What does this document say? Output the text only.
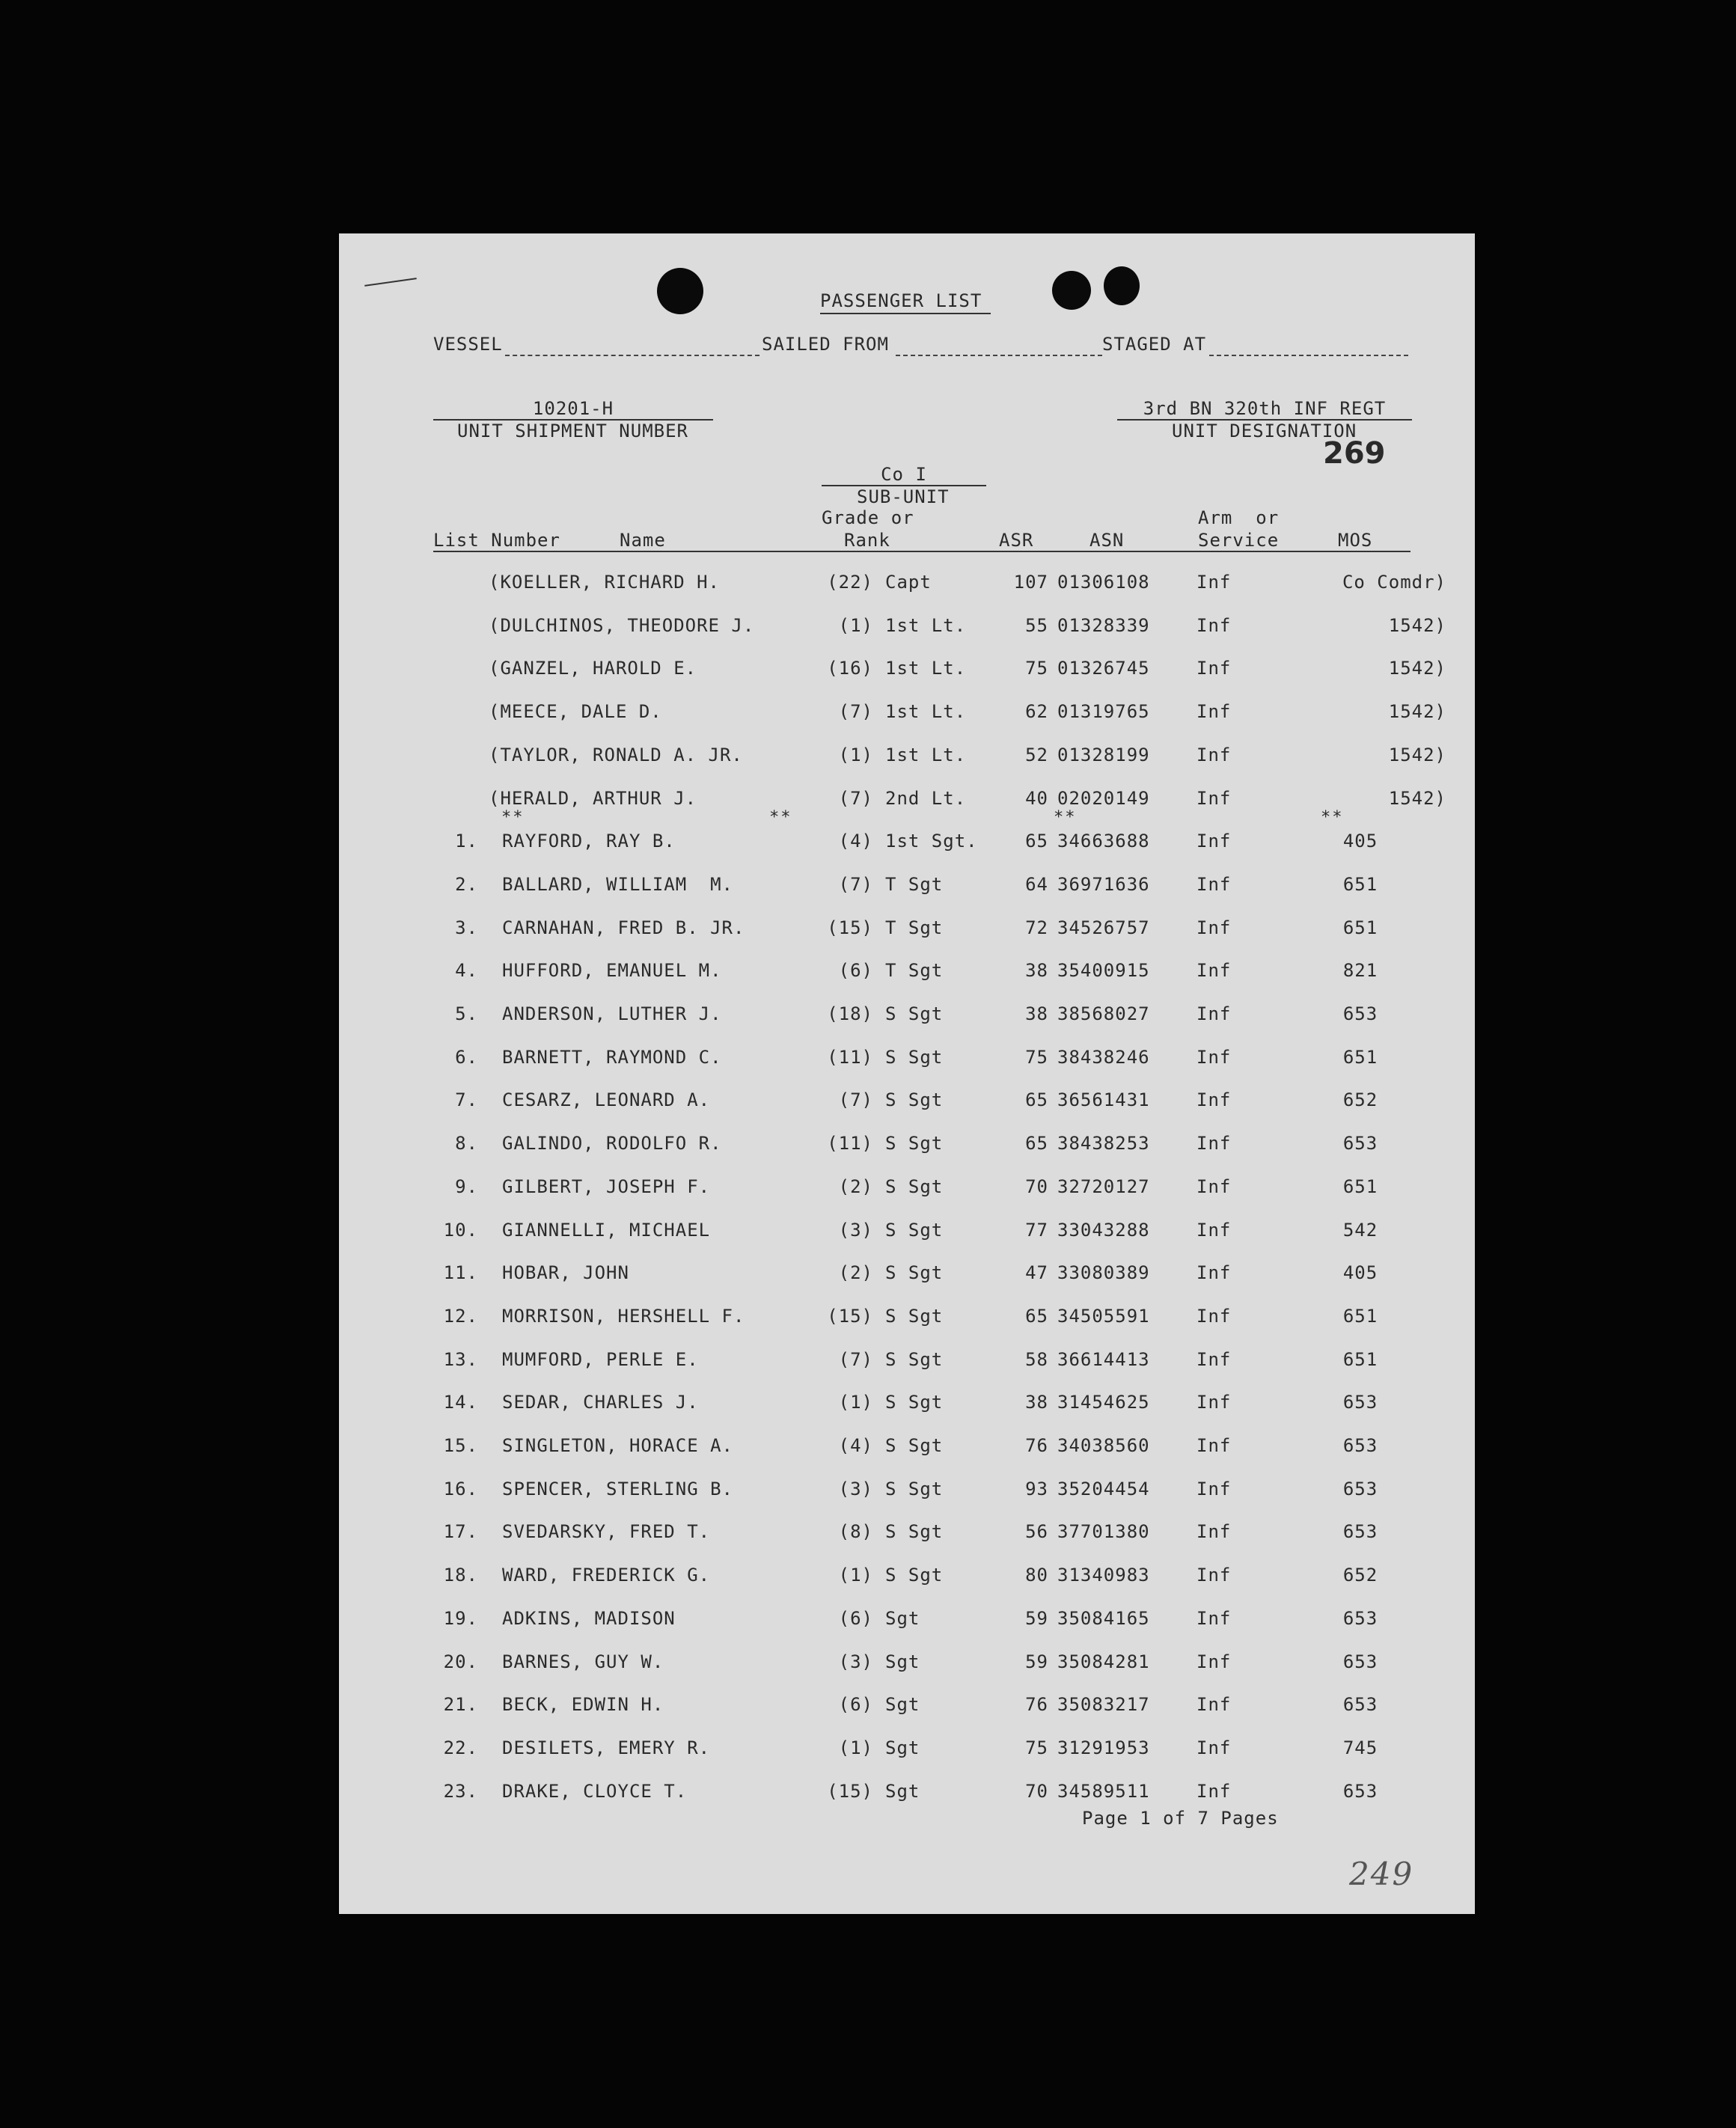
PASSENGER LIST
VESSEL	SAILED FROM	STAGED AT
10201-H
UNIT SHIPMENT NUMBER
3rd BN 320th INF REGT
UNIT DESIGNATION
269
Co I
SUB-UNIT
List Number	Name
Grade or
Rank	ASR	ASN
Arm  or
Service	MOS
(KOELLER, RICHARD H.	(22) Capt	107 01306108	Inf	Co Comdr)
(DULCHINOS, THEODORE J.	(1) 1st Lt.	55 01328339	Inf	1542)
(GANZEL, HAROLD E.	(16) 1st Lt.	75 01326745	Inf	1542)
(MEECE, DALE D.	(7) 1st Lt.	62 01319765	Inf	1542)
(TAYLOR, RONALD A. JR.	(1) 1st Lt.	52 01328199	Inf	1542)
(HERALD, ARTHUR J.	(7) 2nd Lt.	40 02020149	Inf	1542)
1. RAYFORD, RAY B.	(4) 1st Sgt.	65 34663688	Inf	405
2. BALLARD, WILLIAM  M.	(7) T Sgt	64 36971636	Inf	651
3. CARNAHAN, FRED B. JR.	(15) T Sgt	72 34526757	Inf	651
4. HUFFORD, EMANUEL M.	(6) T Sgt	38 35400915	Inf	821
5. ANDERSON, LUTHER J.	(18) S Sgt	38 38568027	Inf	653
6. BARNETT, RAYMOND C.	(11) S Sgt	75 38438246	Inf	651
7. CESARZ, LEONARD A.	(7) S Sgt	65 36561431	Inf	652
8. GALINDO, RODOLFO R.	(11) S Sgt	65 38438253	Inf	653
9. GILBERT, JOSEPH F.	(2) S Sgt	70 32720127	Inf	651
10. GIANNELLI, MICHAEL	(3) S Sgt	77 33043288	Inf	542
11. HOBAR, JOHN	(2) S Sgt	47 33080389	Inf	405
12. MORRISON, HERSHELL F.	(15) S Sgt	65 34505591	Inf	651
13. MUMFORD, PERLE E.	(7) S Sgt	58 36614413	Inf	651
14. SEDAR, CHARLES J.	(1) S Sgt	38 31454625	Inf	653
15. SINGLETON, HORACE A.	(4) S Sgt	76 34038560	Inf	653
16. SPENCER, STERLING B.	(3) S Sgt	93 35204454	Inf	653
17. SVEDARSKY, FRED T.	(8) S Sgt	56 37701380	Inf	653
18. WARD, FREDERICK G.	(1) S Sgt	80 31340983	Inf	652
19. ADKINS, MADISON	(6) Sgt	59 35084165	Inf	653
20. BARNES, GUY W.	(3) Sgt	59 35084281	Inf	653
21. BECK, EDWIN H.	(6) Sgt	76 35083217	Inf	653
22. DESILETS, EMERY R.	(1) Sgt	75 31291953	Inf	745
23. DRAKE, CLOYCE T.	(15) Sgt	70 34589511	Inf	653
**	**	**	**
Page 1 of 7 Pages
249
